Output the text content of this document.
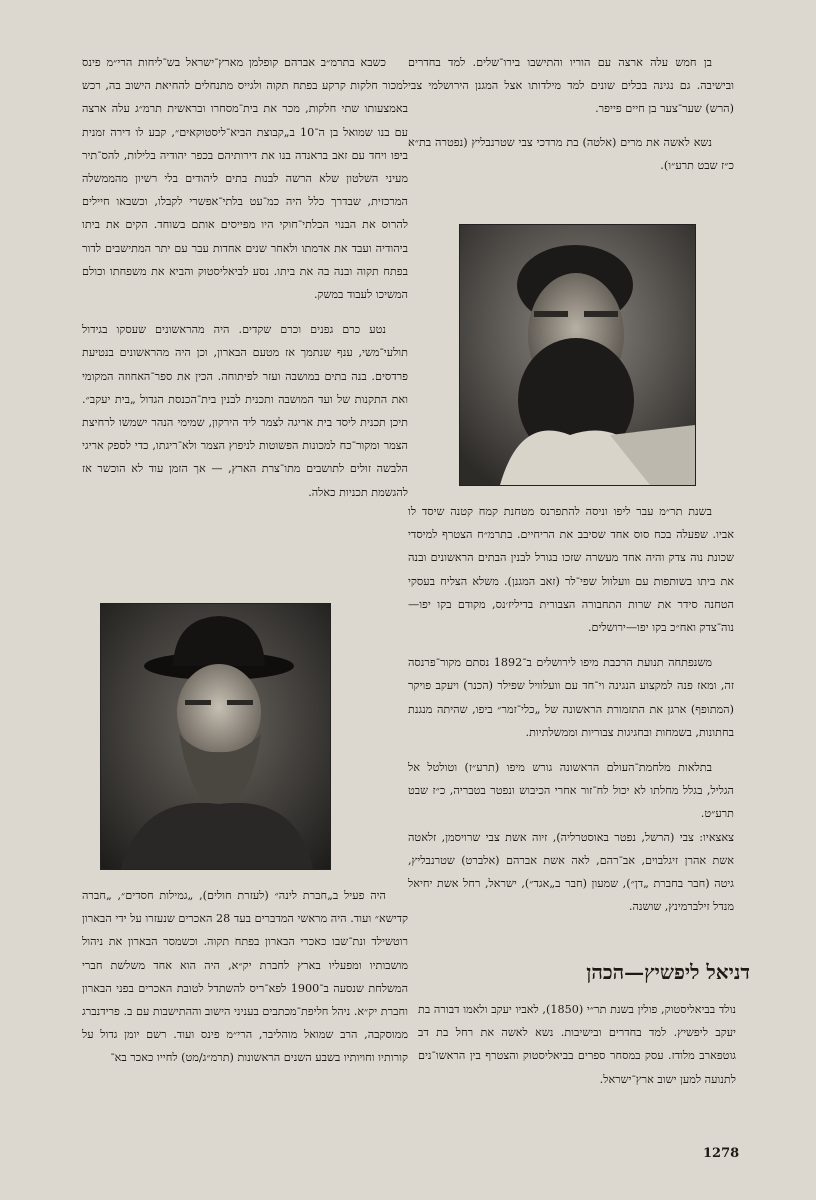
בן חמש עלה ארצה עם הוריו והתישבו בירו־שלים. למד בחדרים ובישיבה. גם נגינה בכלים שונים למד מילדותו אצל המגנן הירושלמי צבי (הרש) שער־צער בן חיים פייפר.

נשא לאשה את מרים (אלטה) בת מרדכי צבי שטרנבליץ (נפטרה בת״א כ״ז שבט תרע״ו).

בשנת תר״מ עבר ליפו וניסה להתפרנס מטחנת קמח קטנה שיסד לו אביו. שפעלה בכח סוס אחד שסיבב את הריחיים. בתרמ״ח הצטרף למיסדי שכונת נוה צדק והיה אחד מעשרה שזכו בגורל לבנין הבתים הראשונים ובנה את ביתו בשותפות עם וועלוול שפי־לר (זאב המגנן). משלא הצליח בעסקי הטחנה סידר את שרות התחבורה הצבורית בדיליז׳נס, מקודם בקו יפו—נוה־צדק ואח״כ בקו יפו—ירושלים.

משנפתחה תנועת הרכבת מיפו לירושלים ב־1892 נסתם מקור־פרנסה זה, ומאז פנה למקצוע הנגינה וי־חד עם וועלוויל שפילר (הכנר) ויעקב פויקר (המתופף) ארגן את התזמורת הראשונה של „כלי־זמר״ ביפו, שהיתה מנגנת בחתונות, בשמחות ובחגיגות צבוריות וממשלתיות.

בתלאות מלחמת־העולם הראשונה גורש מיפו (תרע״ז) וטולטל אל הגליל, בגלל מחלתו לא יכול לח־זור אחרי הכיבוש ונפטר בטבריה, כ״ז שבט תרע״ט.

צאצאיו: צבי (הרשל, נפטר באוסטרליה), זיוה אשת צבי שרויסמן, זלאטה אשת אהרן זיגלבוים, אב־רהם, לאה אשת אברהם (אלברט) שטרנבליץ, גיטה (חבר בחברת „דן״), שמעון (חבר ב„אגד״), ישראל, רחל אשת יחיאל מנדל זילברמינץ, שושנה.

כשבא בתרמ״ב אברהם קופלמן מארץ־ישראל בש־ליחות הרי״מ פינס למכור חלקות קרקע בפתח תקוה ולגייס מתנחלים להחיאת הישוב בה, רכש באמצעותו שתי חלקות, מכר את בית־מסחרו ובראשית תרמ״ג עלה ארצה עם בנו שמואל בן ה־10 ב„קבוצת הביא־ליסטוקאים״, קבע לו דירה זמנית ביפו ויחד עם זאב בראנדה בנו את דירותיהם בכפר יהודיה בלילות, להס־תיר מעיני השלטון שלא הרשה לבנות בתים ליהודים בלי רשיון מהממשלה המרכזית, שבדרך כלל היה כמ־עט בלתי־אפשרי לקבלו, וכשבאו חיילים להרוס את הבנוי הבלתי־חוקי היו מפייסים אותם בשוחד. הקים את ביתו ביהודיה ועבד את אדמתו ולאחר שנים אחדות עבר עם יתר המתישבים לדור בפתח תקוה ובנה בה את ביתו. נסע לביאליסטוק והביא את משפחתו וכולם המשיכו לעבוד במשק.

נטע כרם גפנים וכרם שקדים. היה מהראשונים שעסקו בגידול תולעי־משי, ענף שנתמך אז מטעם הבארון, וכן היה מהראשונים בנטיעת פרדסים. בנה בתים במושבה ועזר לפיתוחה. הכין את ספר־האחוזה המקומי ואת התקנות של ועד המושבה ותכנית לבנין בית־הכנסת הגדול „בית יעקב״. תיכן תכנית ליסד בית אריגה לצמר ליד הירקון, שמימי הנהר ישמשו לרחיצת הצמר ומקור־כח למכונות הפשוטות לניפוץ הצמר ולא־ריגתו, כדי לספק אריגי הלבשה זולים לתושבים מתו־צרת הארץ, — אך הזמן עוד לא הוכשר אז להגשמת תכניות כאלה.

היה פעיל ב„חברת לינה״ (לעזרת חולים), „גמילות חסדים״, „חברה קדישא״ ועוד. היה מראשי המדברים בעד 28 האכרים שנעזרו על ידי הבארון רוטשילד ונת־שבו כאכרי הבארון בפתח תקוה. וכשמסר הבארון את ניהול מושבותיו ומפעליו בארץ לחברת יק״א, היה הוא אחד משלשת חברי המשלחת שנסעה ב־1900 לפא־ריס להשתדל לטובת האכרים בפני הבארון וחברת יק״א. ניהל חליפת־מכתבים בעניני הישוב וההתישבות עם ב. פרידנברג ממוסקבה, הרב שמואל מוהליבר, הרי״מ פינס ועוד. רשם יומן גדול על קורותיו וחויותיו בשבע השנים הראשונות (תרמ״ג/מט) לחייו כאכר בא־

דניאל ליפשיץ—הכהן

נולד בביאליסטוק, פולין בשנת תר״י (1850), לאביו יעקב ולאמו דבורה בת יעקב ליפשיץ. למד בחדרים ובישיבות. נשא לאשה את רחל בת דב גוטפארב מלודז. עסק במסחר ספרים בביאליסטוק והצטרף בין הראשו־נים לתנועה למען ישוב ארץ־ישראל.

1278
